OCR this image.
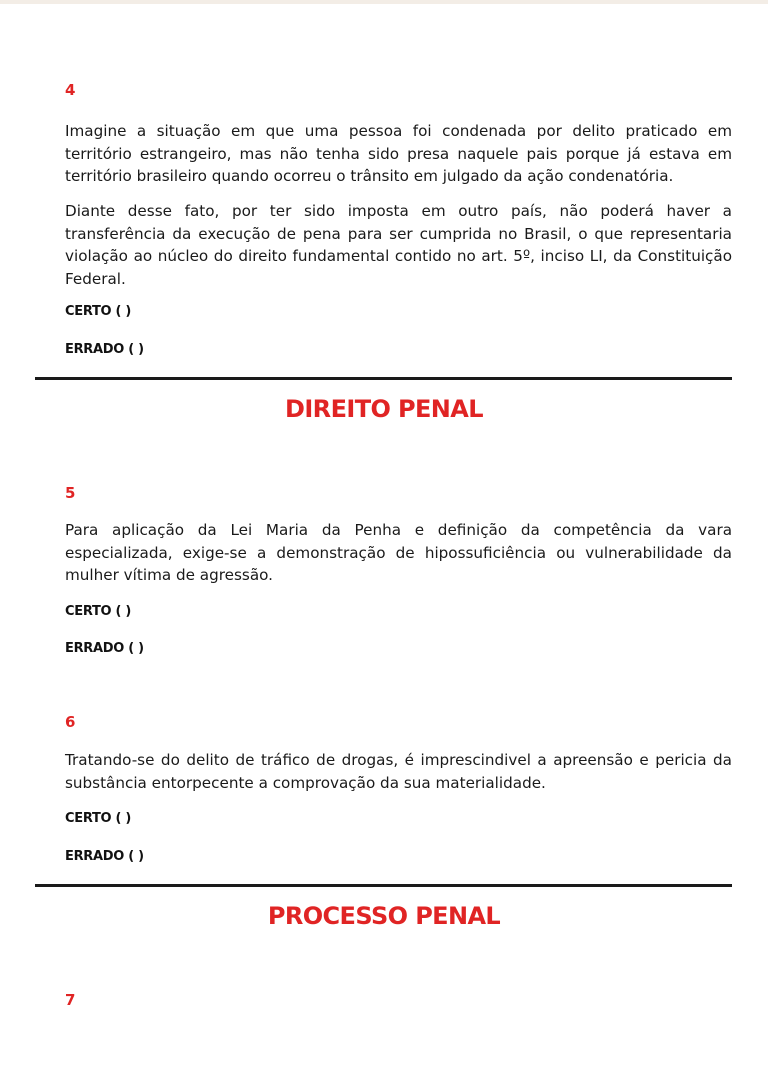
4
Imagine a situação em que uma pessoa foi condenada por delito praticado em território estrangeiro, mas não tenha sido presa naquele pais porque já estava em território brasileiro quando ocorreu o trânsito em julgado da ação condenatória.
Diante desse fato, por ter sido imposta em outro país, não poderá haver a transferência da execução de pena para ser cumprida no Brasil, o que representaria violação ao núcleo do direito fundamental contido no art. 5º, inciso LI, da Constituição Federal.
CERTO ( )
ERRADO ( )
DIREITO PENAL
5
Para aplicação da Lei Maria da Penha e definição da competência da vara especializada, exige-se a demonstração de hipossuficiência ou vulnerabilidade da mulher vítima de agressão.
CERTO ( )
ERRADO ( )
6
Tratando-se do delito de tráfico de drogas, é imprescindivel a apreensão e pericia da substância entorpecente a comprovação da sua materialidade.
CERTO ( )
ERRADO ( )
PROCESSO PENAL
7
